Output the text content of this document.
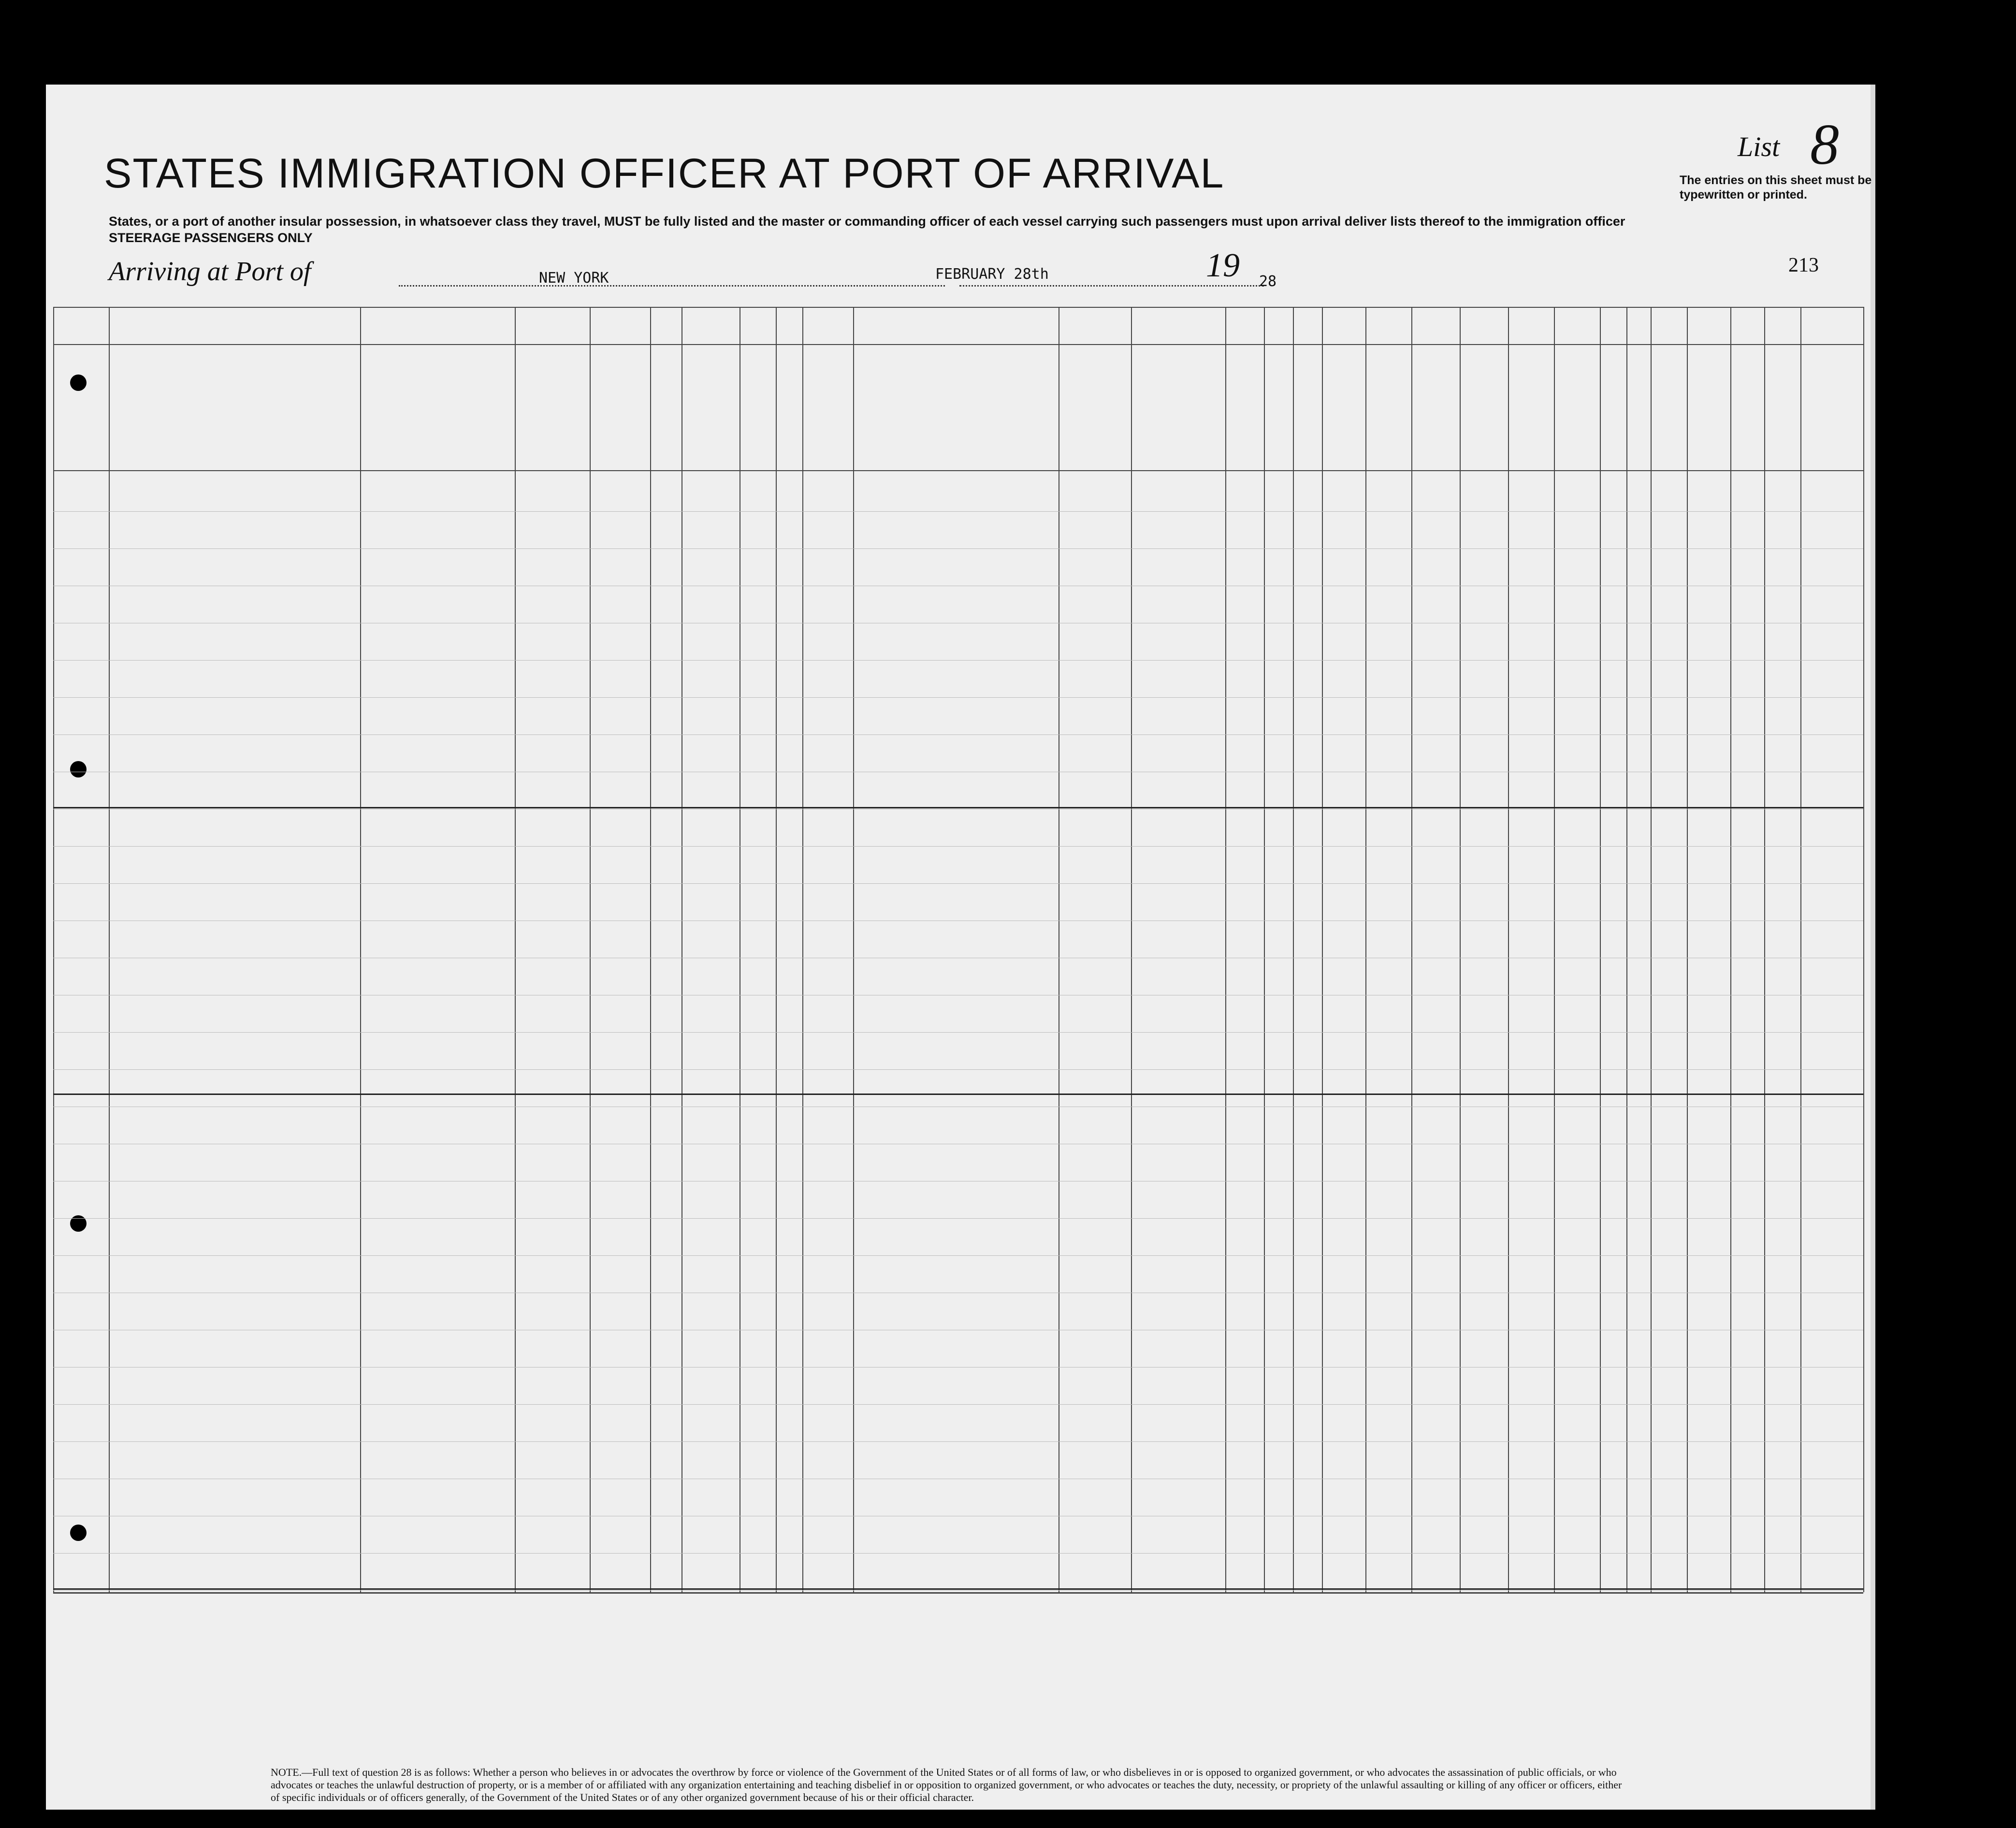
STATES IMMIGRATION OFFICER AT PORT OF ARRIVAL
States, or a port of another insular possession, in whatsoever class they travel, MUST be fully listed and the master or commanding officer of each vessel carrying such passengers must upon arrival deliver lists thereof to the immigration officer
STEERAGE PASSENGERS ONLY
List 8
The entries on this sheet must be typewritten or printed.
Arriving at Port of	NEW YORK	FEBRUARY 28th	19 28
213
NOTE.—Full text of question 28 is as follows: Whether a person who believes in or advocates the overthrow by force or violence of the Government of the United States or of all forms of law, or who disbelieves in or is opposed to organized government, or who advocates the assassination of public officials, or who advocates or teaches the unlawful destruction of property, or is a member of or affiliated with any organization entertaining and teaching disbelief in or opposition to organized government, or who advocates or teaches the duty, necessity, or propriety of the unlawful assaulting or killing of any officer or officers, either of specific individuals or of officers generally, of the Government of the United States or of any other organized government because of his or their official character.
